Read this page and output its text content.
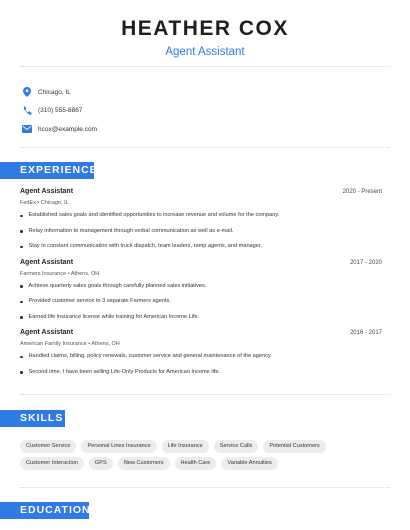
HEATHER COX
Agent Assistant
Chicago, IL
(310) 555-8867
hcox@example.com
EXPERIENCE
Agent Assistant	2020 - Present
FedEx • Chicago, IL
Established sales goals and identified opportunities to increase revenue and volume for the company.
Relay information to management through verbal communication as well as e-mail.
Stay in constant communication with truck dispatch, team leaders, ramp agents, and manager.
Agent Assistant	2017 - 2020
Farmers Insurance • Athens, OH
Achieve quarterly sales goals through carefully planned sales initiatives.
Provided customer service to 3 separate Farmers agents.
Earned life insurance license while training for American Income Life.
Agent Assistant	2016 - 2017
American Family Insurance • Athens, OH
Handled claims, billing, policy renewals, customer service and general maintenance of the agency.
Second time, I have been selling Life-Only Products for American Income life.
SKILLS
Customer Service	Personal Lines Insurance	Life Insurance	Service Calls	Potential Customers
Customer Interaction	GPS	New Customers	Health Care	Variable Annuities
EDUCATION
